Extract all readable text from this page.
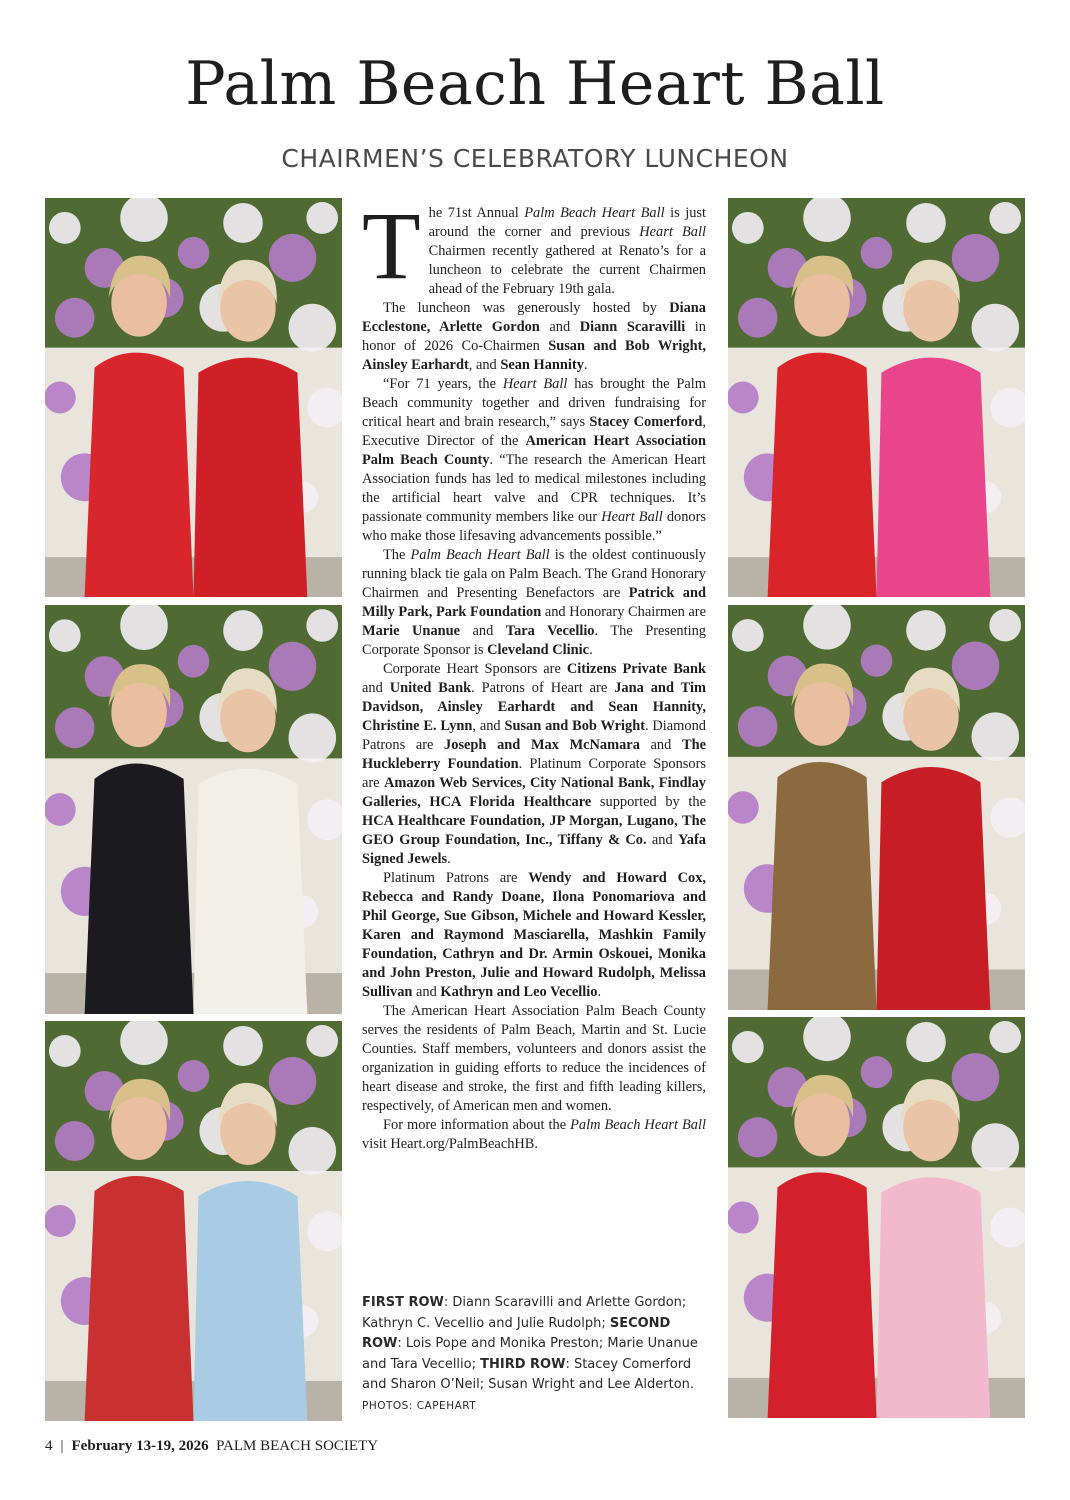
Palm Beach Heart Ball
CHAIRMEN’S CELEBRATORY LUNCHEON

The 71st Annual Palm Beach Heart Ball is just around the corner and previous Heart Ball Chairmen recently gathered at Renato’s for a luncheon to celebrate the current Chairmen ahead of the February 19th gala.

The luncheon was generously hosted by Diana Ecclestone, Arlette Gordon and Diann Scaravilli in honor of 2026 Co-Chairmen Susan and Bob Wright, Ainsley Earhardt, and Sean Hannity.

“For 71 years, the Heart Ball has brought the Palm Beach community together and driven fundraising for critical heart and brain research,” says Stacey Comerford, Executive Director of the American Heart Association Palm Beach County. “The research the American Heart Association funds has led to medical milestones including the artificial heart valve and CPR techniques. It’s passionate community members like our Heart Ball donors who make those lifesaving advancements possible.”

The Palm Beach Heart Ball is the oldest continuously running black tie gala on Palm Beach. The Grand Honorary Chairmen and Presenting Benefactors are Patrick and Milly Park, Park Foundation and Honorary Chairmen are Marie Unanue and Tara Vecellio. The Presenting Corporate Sponsor is Cleveland Clinic.

Corporate Heart Sponsors are Citizens Private Bank and United Bank. Patrons of Heart are Jana and Tim Davidson, Ainsley Earhardt and Sean Hannity, Christine E. Lynn, and Susan and Bob Wright. Diamond Patrons are Joseph and Max McNamara and The Huckleberry Foundation. Platinum Corporate Sponsors are Amazon Web Services, City National Bank, Findlay Galleries, HCA Florida Healthcare supported by the HCA Healthcare Foundation, JP Morgan, Lugano, The GEO Group Foundation, Inc., Tiffany & Co. and Yafa Signed Jewels.

Platinum Patrons are Wendy and Howard Cox, Rebecca and Randy Doane, Ilona Ponomariova and Phil George, Sue Gibson, Michele and Howard Kessler, Karen and Raymond Masciarella, Mashkin Family Foundation, Cathryn and Dr. Armin Oskouei, Monika and John Preston, Julie and Howard Rudolph, Melissa Sullivan and Kathryn and Leo Vecellio.

The American Heart Association Palm Beach County serves the residents of Palm Beach, Martin and St. Lucie Counties. Staff members, volunteers and donors assist the organization in guiding efforts to reduce the incidences of heart disease and stroke, the first and fifth leading killers, respectively, of American men and women.

For more information about the Palm Beach Heart Ball visit Heart.org/PalmBeachHB.

FIRST ROW: Diann Scaravilli and Arlette Gordon; Kathryn C. Vecellio and Julie Rudolph; SECOND ROW: Lois Pope and Monika Preston; Marie Unanue and Tara Vecellio; THIRD ROW: Stacey Comerford and Sharon O’Neil; Susan Wright and Lee Alderton. PHOTOS: CAPEHART
4 | February 13-19, 2026 PALM BEACH SOCIETY
